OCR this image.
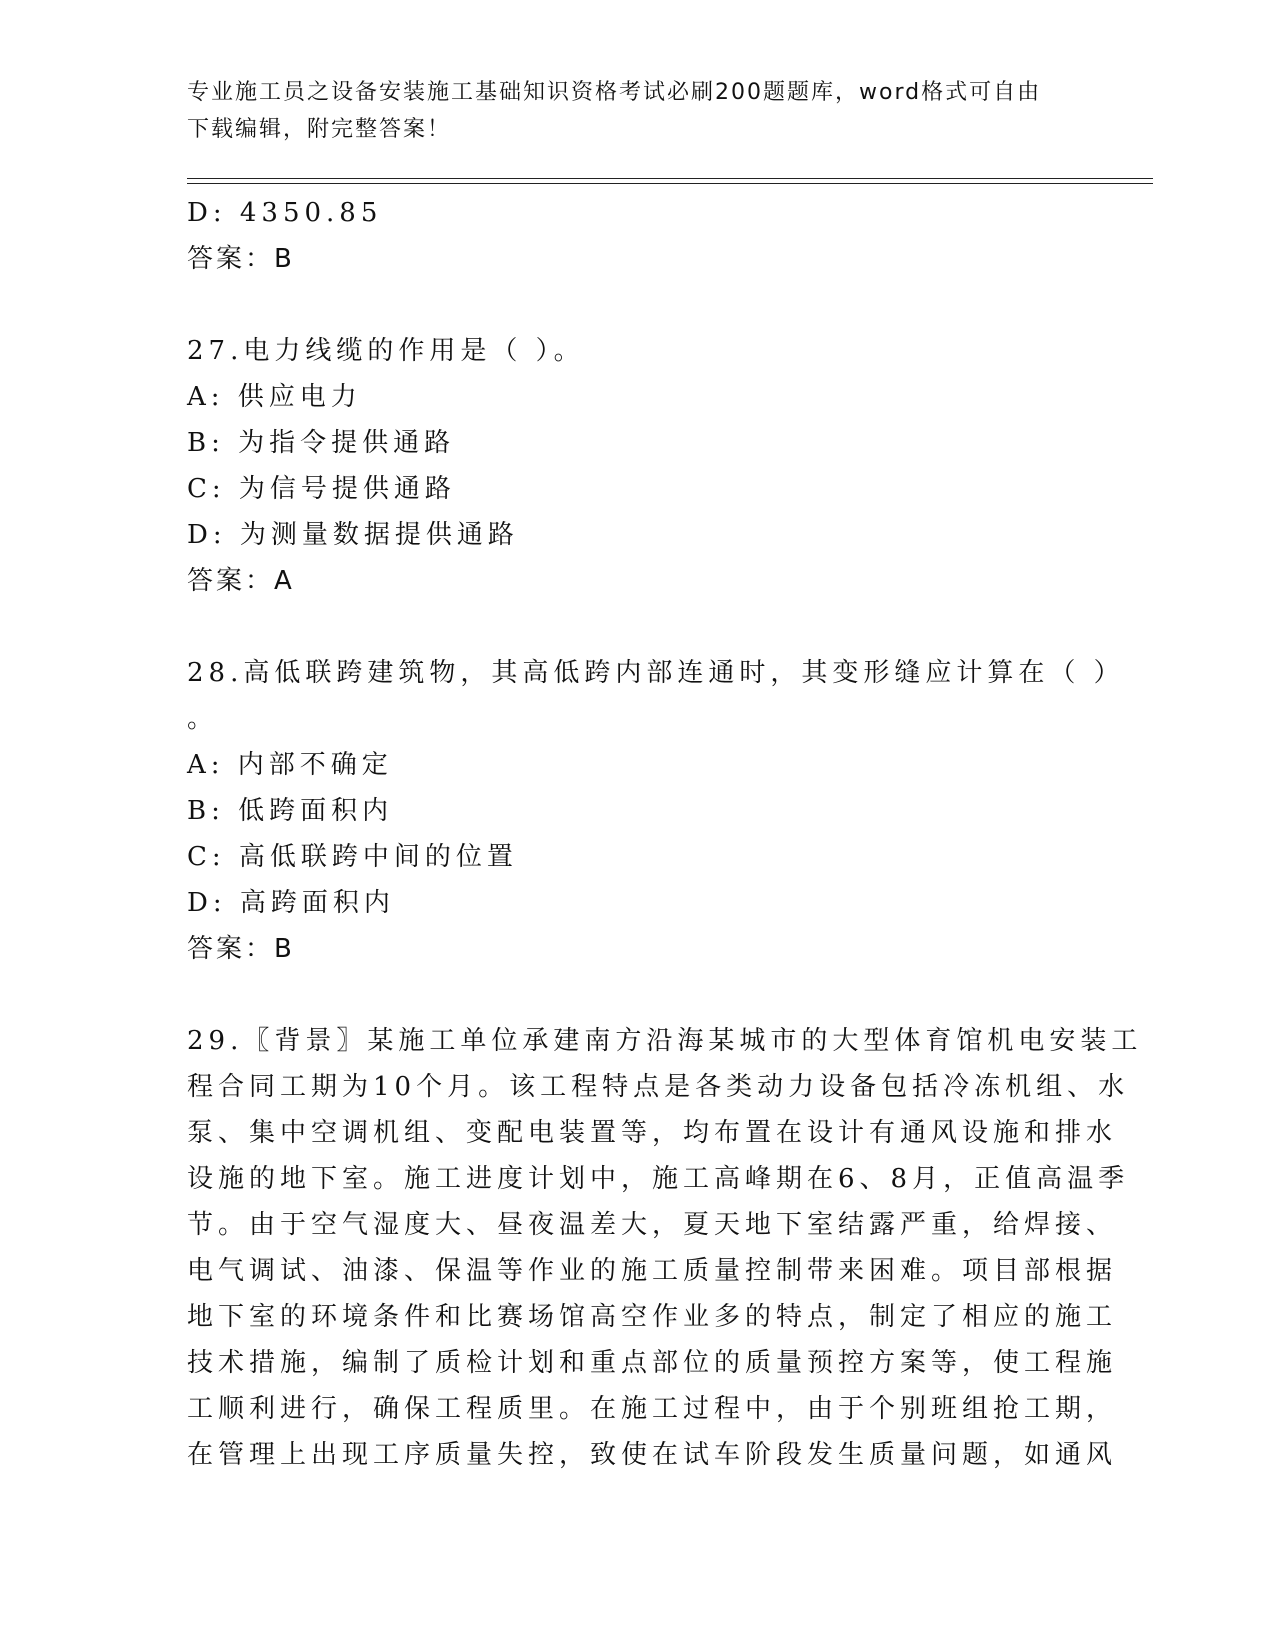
专业施工员之设备安装施工基础知识资格考试必刷200题题库，word格式可自由
下载编辑，附完整答案！
D: 4350.85
答案：B
27.电力线缆的作用是（ ）。
A: 供应电力
B: 为指令提供通路
C: 为信号提供通路
D: 为测量数据提供通路
答案：A
28.高低联跨建筑物，其高低跨内部连通时，其变形缝应计算在（ ）
。
A: 内部不确定
B: 低跨面积内
C: 高低联跨中间的位置
D: 高跨面积内
答案：B
29.〖背景〗某施工单位承建南方沿海某城市的大型体育馆机电安装工
程合同工期为10个月。该工程特点是各类动力设备包括冷冻机组、水
泵、集中空调机组、变配电装置等，均布置在设计有通风设施和排水
设施的地下室。施工进度计划中，施工高峰期在6、8月，正值高温季
节。由于空气湿度大、昼夜温差大，夏天地下室结露严重，给焊接、
电气调试、油漆、保温等作业的施工质量控制带来困难。项目部根据
地下室的环境条件和比赛场馆高空作业多的特点，制定了相应的施工
技术措施，编制了质检计划和重点部位的质量预控方案等，使工程施
工顺利进行，确保工程质里。在施工过程中，由于个别班组抢工期，
在管理上出现工序质量失控，致使在试车阶段发生质量问题，如通风
